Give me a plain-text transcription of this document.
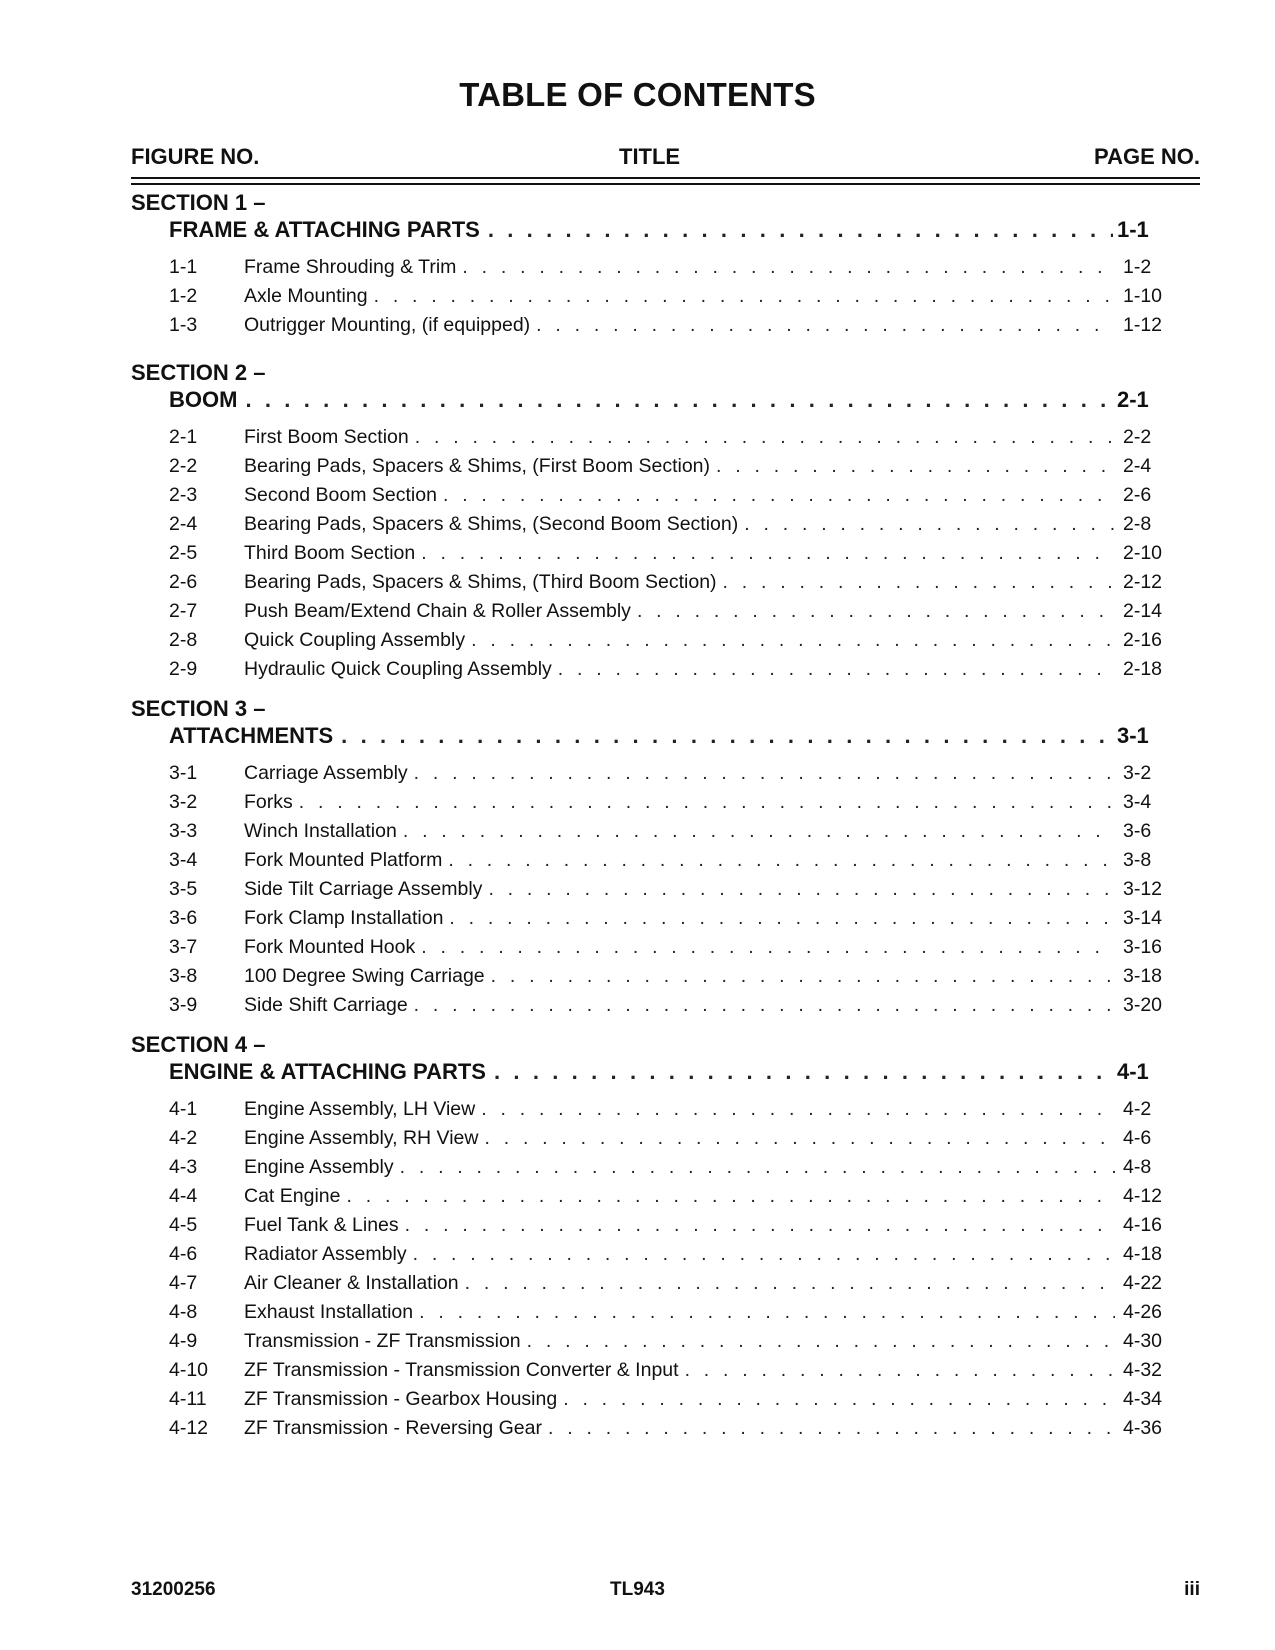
TABLE OF CONTENTS
FIGURE NO.	TITLE	PAGE NO.
SECTION 1 –
FRAME & ATTACHING PARTS . . .	1-1
1-1 Frame Shrouding & Trim . . .	1-2
1-2 Axle Mounting . . .	1-10
1-3 Outrigger Mounting, (if equipped) . . .	1-12
SECTION 2 –
BOOM . . .	2-1
2-1 First Boom Section . . .	2-2
2-2 Bearing Pads, Spacers & Shims, (First Boom Section) . . .	2-4
2-3 Second Boom Section . . .	2-6
2-4 Bearing Pads, Spacers & Shims, (Second Boom Section) . . .	2-8
2-5 Third Boom Section . . .	2-10
2-6 Bearing Pads, Spacers & Shims, (Third Boom Section) . . .	2-12
2-7 Push Beam/Extend Chain & Roller Assembly . . .	2-14
2-8 Quick Coupling Assembly . . .	2-16
2-9 Hydraulic Quick Coupling Assembly . . .	2-18
SECTION 3 –
ATTACHMENTS . . .	3-1
3-1 Carriage Assembly . . .	3-2
3-2 Forks . . .	3-4
3-3 Winch Installation . . .	3-6
3-4 Fork Mounted Platform . . .	3-8
3-5 Side Tilt Carriage Assembly . . .	3-12
3-6 Fork Clamp Installation . . .	3-14
3-7 Fork Mounted Hook . . .	3-16
3-8 100 Degree Swing Carriage . . .	3-18
3-9 Side Shift Carriage . . .	3-20
SECTION 4 –
ENGINE & ATTACHING PARTS . . .	4-1
4-1 Engine Assembly, LH View . . .	4-2
4-2 Engine Assembly, RH View . . .	4-6
4-3 Engine Assembly . . .	4-8
4-4 Cat Engine . . .	4-12
4-5 Fuel Tank & Lines . . .	4-16
4-6 Radiator Assembly . . .	4-18
4-7 Air Cleaner & Installation . . .	4-22
4-8 Exhaust Installation . . .	4-26
4-9 Transmission - ZF Transmission . . .	4-30
4-10 ZF Transmission - Transmission Converter & Input . . .	4-32
4-11 ZF Transmission - Gearbox Housing . . .	4-34
4-12 ZF Transmission - Reversing Gear . . .	4-36
31200256	TL943	iii
